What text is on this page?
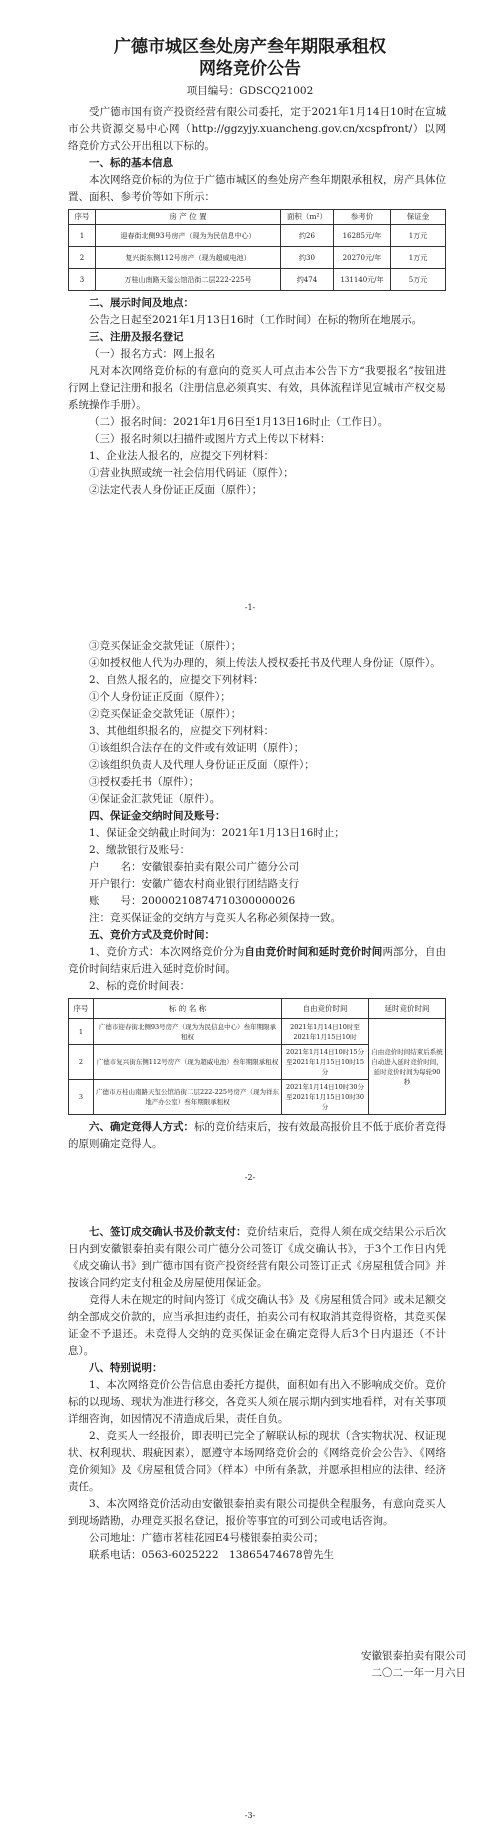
广德市城区叁处房产叁年期限承租权

网络竞价公告

项目编号：GDSCQ21002

受广德市国有资产投资经营有限公司委托，定于2021年1月14日10时在宣城市公共资源交易中心网（http://ggzyjy.xuancheng.gov.cn/xcspfront/）以网络竞价方式公开出租以下标的。

一、标的基本信息

本次网络竞价标的为位于广德市城区的叁处房产叁年期限承租权，房产具体位置、面积、参考价等如下所示：

序号	房 产 位 置	面积（m²）	参考价	保证金
1	迎春街北侧93号房产（现为为民信息中心）	约26	16285元/年	1万元
2	复兴街东侧112号房产（现为超威电池）	约30	20270元/年	1万元
3	万桂山南路天玺公馆沿街二层222-225号	约474	131140元/年	5万元

二、展示时间及地点：

公告之日起至2021年1月13日16时（工作时间）在标的物所在地展示。

三、注册及报名登记

（一）报名方式：网上报名

凡对本次网络竞价标的有意向的竞买人可点击本公告下方“我要报名”按钮进行网上登记注册和报名（注册信息必须真实、有效，具体流程详见宣城市产权交易系统操作手册）。

（二）报名时间：2021年1月6日至1月13日16时止（工作日）。

（三）报名时须以扫描件或图片方式上传以下材料：

1、企业法人报名的，应提交下列材料：

①营业执照或统一社会信用代码证（原件）；

②法定代表人身份证正反面（原件）；

-1-

③竞买保证金交款凭证（原件）；

④如授权他人代为办理的，须上传法人授权委托书及代理人身份证（原件）。

2、自然人报名的，应提交下列材料：

①个人身份证正反面（原件）；

②竞买保证金交款凭证（原件）；

3、其他组织报名的，应提交下列材料：

①该组织合法存在的文件或有效证明（原件）；

②该组织负责人及代理人身份证正反面（原件）；

③授权委托书（原件）；

④保证金汇款凭证（原件）。

四、保证金交纳时间及账号：

1、保证金交纳截止时间为：2021年1月13日16时止；

2、缴款银行及账号：

户　　名：安徽银泰拍卖有限公司广德分公司

开户银行：安徽广德农村商业银行团结路支行

账　　号：20000210874710300000026

注：竞买保证金的交纳方与竞买人名称必须保持一致。

五、竞价方式及竞价时间：

1、竞价方式：本次网络竞价分为自由竞价时间和延时竞价时间两部分，自由竞价时间结束后进入延时竞价时间。

2、标的竞价时间表：

序号	标 的 名 称	自由竞价时间	延时竞价时间
1	广德市迎春街北侧93号房产（现为为民信息中心）叁年期限承租权	2021年1月14日10时至2021年1月15日10时	自由竞价时间结束后系统自动进入延时竞价时间，延时竞价时间为每轮90秒
2	广德市复兴街东侧112号房产（现为超威电池）叁年期限承租权	2021年1月14日10时15分至2021年1月15日10时15分	
3	广德市万桂山南路天玺公馆沿街二层222-225号房产（现为祥东地产办公室）叁年期限承租权	2021年1月14日10时30分至2021年1月15日10时30分	

六、确定竞得人方式：标的竞价结束后，按有效最高报价且不低于底价者竞得的原则确定竞得人。

-2-

七、签订成交确认书及价款支付：竞价结束后，竞得人须在成交结果公示后次日内到安徽银泰拍卖有限公司广德分公司签订《成交确认书》，于3个工作日内凭《成交确认书》到广德市国有资产投资经营有限公司签订正式《房屋租赁合同》并按该合同约定支付租金及房屋使用保证金。

竞得人未在规定的时间内签订《成交确认书》及《房屋租赁合同》或未足额交纳全部成交价款的，应当承担违约责任，拍卖公司有权取消其竞得资格，其竞买保证金不予退还。未竞得人交纳的竞买保证金在确定竞得人后3个日内退还（不计息）。

八、特别说明：

1、本次网络竞价公告信息由委托方提供，面积如有出入不影响成交价。竞价标的以现场、现状为准进行移交，各竞买人须在展示期内到实地看样，对有关事项详细咨询，如因情况不清造成后果，责任自负。

2、竞买人一经报价，即表明已完全了解联认标的现状（含实物状况、权证现状、权利现状、瑕疵因素），愿遵守本场网络竞价会的《网络竞价会公告》、《网络竞价须知》及《房屋租赁合同》（样本）中所有条款，并愿承担相应的法律、经济责任。

3、本次网络竞价活动由安徽银泰拍卖有限公司提供全程服务，有意向竞买人到现场踏勘，办理竞买报名登记，报价等事宜的可到公司或电话咨询。

公司地址：广德市茗桂花园E4号楼银泰拍卖公司；

联系电话：0563-6025222　13865474678曾先生

安徽银泰拍卖有限公司
二〇二一年一月六日
-3-
